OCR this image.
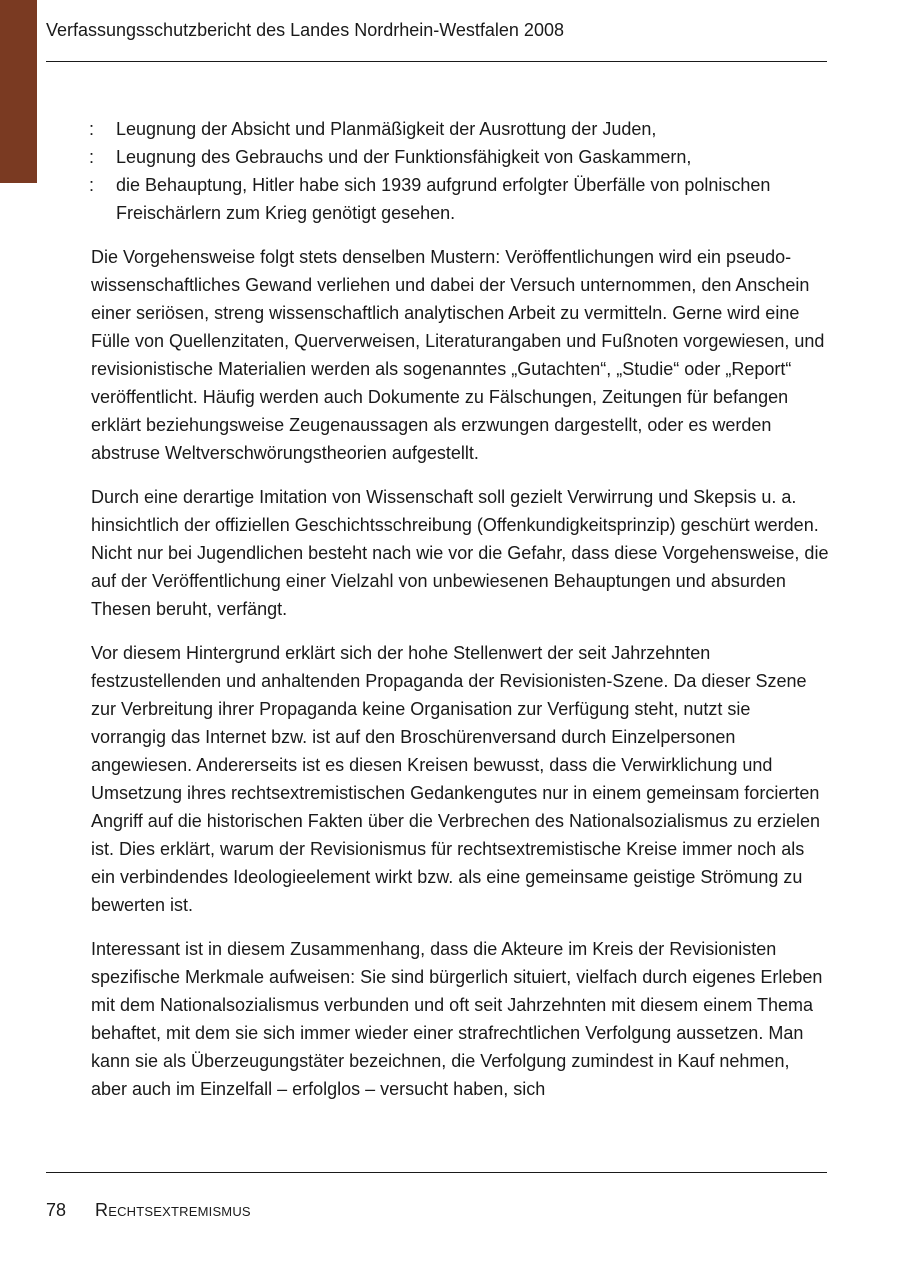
Verfassungsschutzbericht des Landes Nordrhein-Westfalen 2008
:	Leugnung der Absicht und Planmäßigkeit der Ausrottung der Juden,
:	Leugnung des Gebrauchs und der Funktionsfähigkeit von Gaskammern,
:	die Behauptung, Hitler habe sich 1939 aufgrund erfolgter Überfälle von polnischen Freischärlern zum Krieg genötigt gesehen.

Die Vorgehensweise folgt stets denselben Mustern: Veröffentlichungen wird ein pseudo-wissenschaftliches Gewand verliehen und dabei der Versuch unternommen, den Anschein einer seriösen, streng wissenschaftlich analytischen Arbeit zu vermitteln. Gerne wird eine Fülle von Quellenzitaten, Querverweisen, Literaturangaben und Fußnoten vorgewiesen, und revisionistische Materialien werden als sogenanntes „Gutachten“, „Studie“ oder „Report“ veröffentlicht. Häufig werden auch Dokumente zu Fälschungen, Zeitungen für befangen erklärt beziehungsweise Zeugenaussagen als erzwungen dargestellt, oder es werden abstruse Weltverschwörungstheorien aufgestellt.

Durch eine derartige Imitation von Wissenschaft soll gezielt Verwirrung und Skepsis u. a. hinsichtlich der offiziellen Geschichtsschreibung (Offenkundigkeitsprinzip) geschürt werden. Nicht nur bei Jugendlichen besteht nach wie vor die Gefahr, dass diese Vorgehensweise, die auf der Veröffentlichung einer Vielzahl von unbewiesenen Behauptungen und absurden Thesen beruht, verfängt.

Vor diesem Hintergrund erklärt sich der hohe Stellenwert der seit Jahrzehnten festzustellenden und anhaltenden Propaganda der Revisionisten-Szene. Da dieser Szene zur Verbreitung ihrer Propaganda keine Organisation zur Verfügung steht, nutzt sie vorrangig das Internet bzw. ist auf den Broschürenversand durch Einzelpersonen angewiesen. Andererseits ist es diesen Kreisen bewusst, dass die Verwirklichung und Umsetzung ihres rechtsextremistischen Gedankengutes nur in einem gemeinsam forcierten Angriff auf die historischen Fakten über die Verbrechen des Nationalsozialismus zu erzielen ist. Dies erklärt, warum der Revisionismus für rechtsextremistische Kreise immer noch als ein verbindendes Ideologieelement wirkt bzw. als eine gemeinsame geistige Strömung zu bewerten ist.

Interessant ist in diesem Zusammenhang, dass die Akteure im Kreis der Revisionisten spezifische Merkmale aufweisen: Sie sind bürgerlich situiert, vielfach durch eigenes Erleben mit dem Nationalsozialismus verbunden und oft seit Jahrzehnten mit diesem einem Thema behaftet, mit dem sie sich immer wieder einer strafrechtlichen Verfolgung aussetzen. Man kann sie als Überzeugungstäter bezeichnen, die Verfolgung zumindest in Kauf nehmen, aber auch im Einzelfall – erfolglos – versucht haben, sich

78 Rechtsextremismus
